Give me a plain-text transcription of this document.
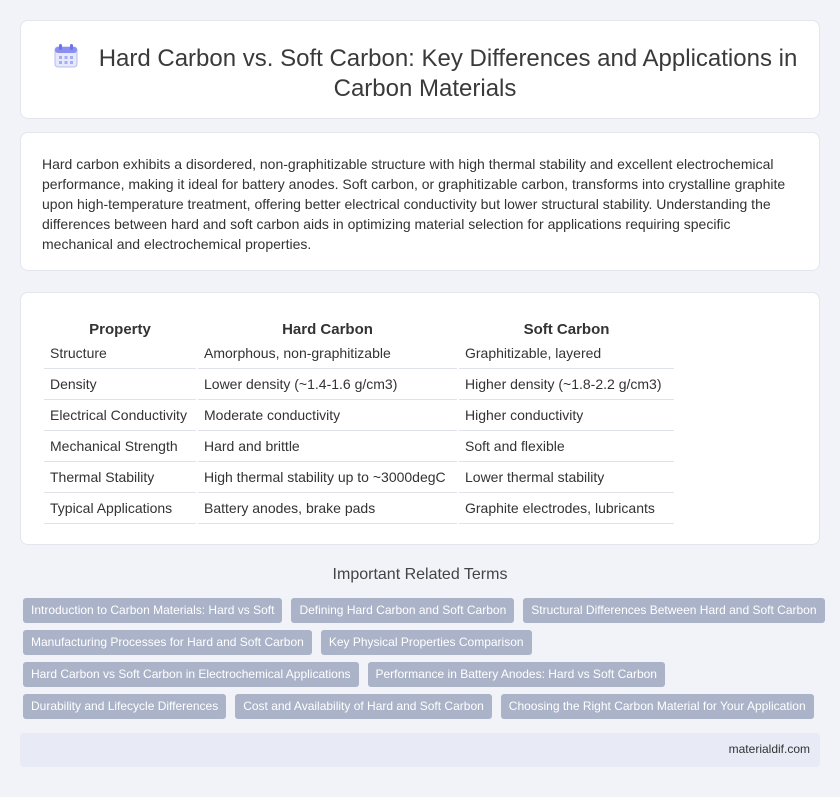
Hard Carbon vs. Soft Carbon: Key Differences and Applications in Carbon Materials

Hard carbon exhibits a disordered, non-graphitizable structure with high thermal stability and excellent electrochemical performance, making it ideal for battery anodes. Soft carbon, or graphitizable carbon, transforms into crystalline graphite upon high-temperature treatment, offering better electrical conductivity but lower structural stability. Understanding the differences between hard and soft carbon aids in optimizing material selection for applications requiring specific mechanical and electrochemical properties.

Property	Hard Carbon	Soft Carbon
Structure	Amorphous, non-graphitizable	Graphitizable, layered
Density	Lower density (~1.4-1.6 g/cm3)	Higher density (~1.8-2.2 g/cm3)
Electrical Conductivity	Moderate conductivity	Higher conductivity
Mechanical Strength	Hard and brittle	Soft and flexible
Thermal Stability	High thermal stability up to ~3000degC	Lower thermal stability
Typical Applications	Battery anodes, brake pads	Graphite electrodes, lubricants
Important Related Terms
Introduction to Carbon Materials: Hard vs Soft	Defining Hard Carbon and Soft Carbon	Structural Differences Between Hard and Soft Carbon
Manufacturing Processes for Hard and Soft Carbon	Key Physical Properties Comparison
Hard Carbon vs Soft Carbon in Electrochemical Applications	Performance in Battery Anodes: Hard vs Soft Carbon
Durability and Lifecycle Differences	Cost and Availability of Hard and Soft Carbon	Choosing the Right Carbon Material for Your Application
materialdif.com
